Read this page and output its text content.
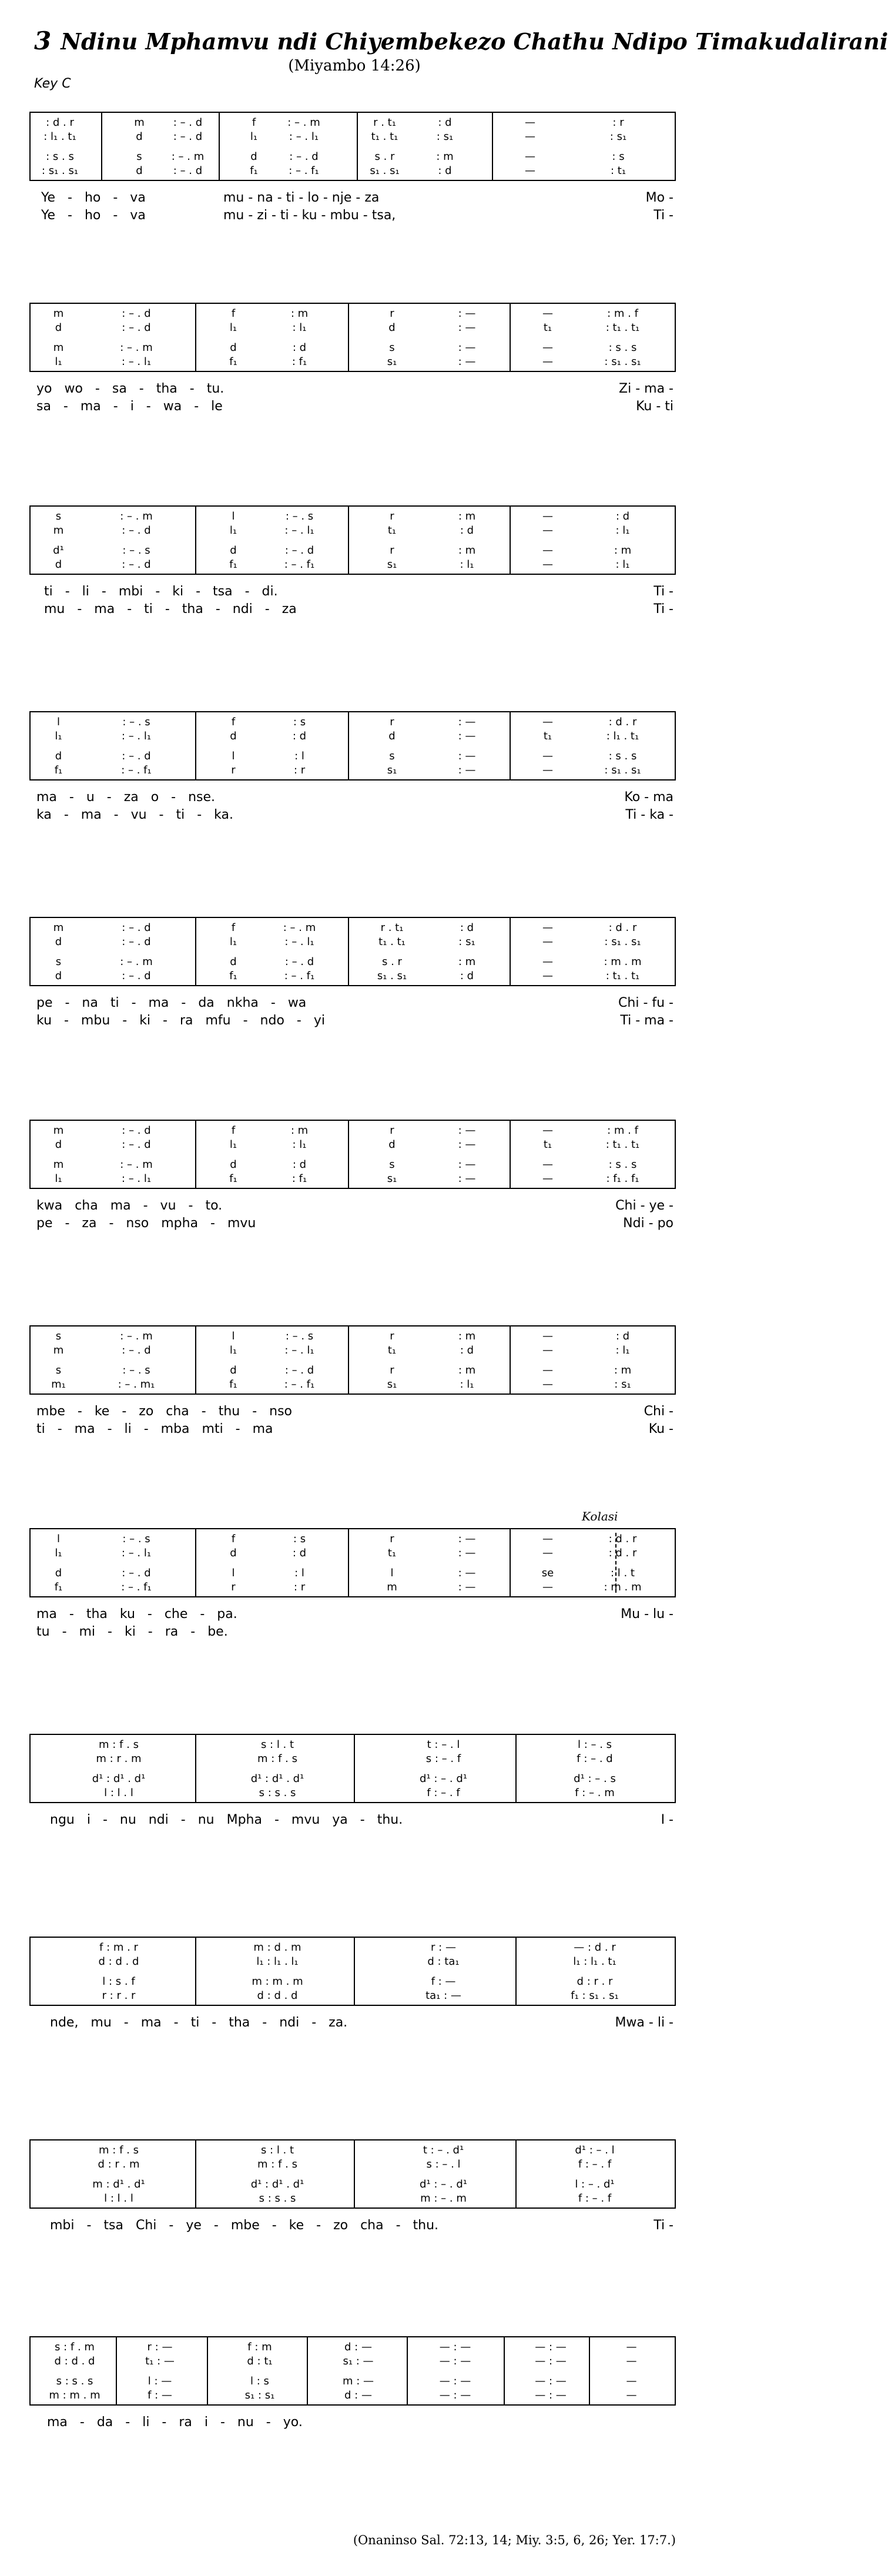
3 Ndinu Mphamvu ndi Chiyembekezo Chathu Ndipo Timakudalirani
(Miyambo 14:26)
Key C
: d . r	m	: – . d	f	: – . m	r . t₁	: d	—	: r
: l₁ . t₁	d	: – . d	l₁	: – . l₁	t₁ . t₁	: s₁	—	: s₁
: s . s	s	: – . m	d	: – . d	s . r	: m	—	: s
: s₁ . s₁	d	: – . d	f₁	: – . f₁	s₁ . s₁	: d	—	: t₁
Ye - ho - va	mu - na - ti - lo - nje - za	Mo -
Ye - ho - va	mu - zi - ti - ku - mbu - tsa,	Ti -
m	: – . d	f	: m	r	: —	—	: m . f
d	: – . d	l₁	: l₁	d	: —	t₁	: t₁ . t₁
m	: – . m	d	: d	s	: —	—	: s . s
l₁	: – . l₁	f₁	: f₁	s₁	: —	—	: s₁ . s₁
yo wo - sa - tha - tu.	Zi - ma -
sa - ma - i - wa - le	Ku - ti
s	: – . m	l	: – . s	r	: m	—	: d
m	: – . d	l₁	: – . l₁	t₁	: d	—	: l₁
d¹	: – . s	d	: – . d	r	: m	—	: m
d	: – . d	f₁	: – . f₁	s₁	: l₁	—	: l₁
ti - li - mbi - ki - tsa - di.	Ti -
mu - ma - ti - tha - ndi - za	Ti -
l	: – . s	f	: s	r	: —	—	: d . r
l₁	: – . l₁	d	: d	d	: —	t₁	: l₁ . t₁
d	: – . d	l	: l	s	: —	—	: s . s
f₁	: – . f₁	r	: r	s₁	: —	—	: s₁ . s₁
ma - u - za o - nse.	Ko - ma
ka - ma - vu - ti - ka.	Ti - ka -
m	: – . d	f	: – . m	r . t₁	: d	—	: d . r
d	: – . d	l₁	: – . l₁	t₁ . t₁	: s₁	—	: s₁ . s₁
s	: – . m	d	: – . d	s . r	: m	—	: m . m
d	: – . d	f₁	: – . f₁	s₁ . s₁	: d	—	: t₁ . t₁
pe - na ti - ma - da nkha - wa	Chi - fu -
ku - mbu - ki - ra mfu - ndo - yi	Ti - ma -
m	: – . d	f	: m	r	: —	—	: m . f
d	: – . d	l₁	: l₁	d	: —	t₁	: t₁ . t₁
m	: – . m	d	: d	s	: —	—	: s . s
l₁	: – . l₁	f₁	: f₁	s₁	: —	—	: f₁ . f₁
kwa cha ma - vu - to.	Chi - ye -
pe - za - nso mpha - mvu	Ndi - po
s	: – . m	l	: – . s	r	: m	—	: d
m	: – . d	l₁	: – . l₁	t₁	: d	—	: l₁
s	: – . s	d	: – . d	r	: m	—	: m
m₁	: – . m₁	f₁	: – . f₁	s₁	: l₁	—	: s₁
mbe - ke - zo cha - thu - nso	Chi -
ti - ma - li - mba mti - ma	Ku -
Kolasi
l	: – . s	f	: s	r	: —	—	: d . r
l₁	: – . l₁	d	: d	t₁	: —	—	: d . r
d	: – . d	l	: l	l	: —	se	: l . t
f₁	: – . f₁	r	: r	m	: —	—	: m . m
ma - tha ku - che - pa.	Mu - lu -
tu - mi - ki - ra - be.
m : f . s	s : l . t	t : – . l	l : – . s
m : r . m	m : f . s	s : – . f	f : – . d
d¹ : d¹ . d¹	d¹ : d¹ . d¹	d¹ : – . d¹	d¹ : – . s
l : l . l	s : s . s	f : – . f	f : – . m
ngu i - nu ndi - nu Mpha - mvu ya - thu.	I -
f : m . r	m : d . m	r : —	— : d . r
d : d . d	l₁ : l₁ . l₁	d : ta₁	l₁ : l₁ . t₁
l : s . f	m : m . m	f : —	d : r . r
r : r . r	d : d . d	ta₁ : —	f₁ : s₁ . s₁
nde, mu - ma - ti - tha - ndi - za.	Mwa - li -
m : f . s	s : l . t	t : – . d¹	d¹ : – . l
d : r . m	m : f . s	s : – . l	f : – . f
m : d¹ . d¹	d¹ : d¹ . d¹	d¹ : – . d¹	l : – . d¹
l : l . l	s : s . s	m : – . m	f : – . f
mbi - tsa Chi - ye - mbe - ke - zo cha - thu.	Ti -
s : f . m	r : —	f : m	d : —	— : —	— : —	—
d : d . d	t₁ : —	d : t₁	s₁ : —	— : —	— : —	—
s : s . s	l : —	l : s	m : —	— : —	— : —	—
m : m . m	f : —	s₁ : s₁	d : —	— : —	— : —	—
ma - da - li - ra i - nu - yo.
(Onaninso Sal. 72:13, 14; Miy. 3:5, 6, 26; Yer. 17:7.)
